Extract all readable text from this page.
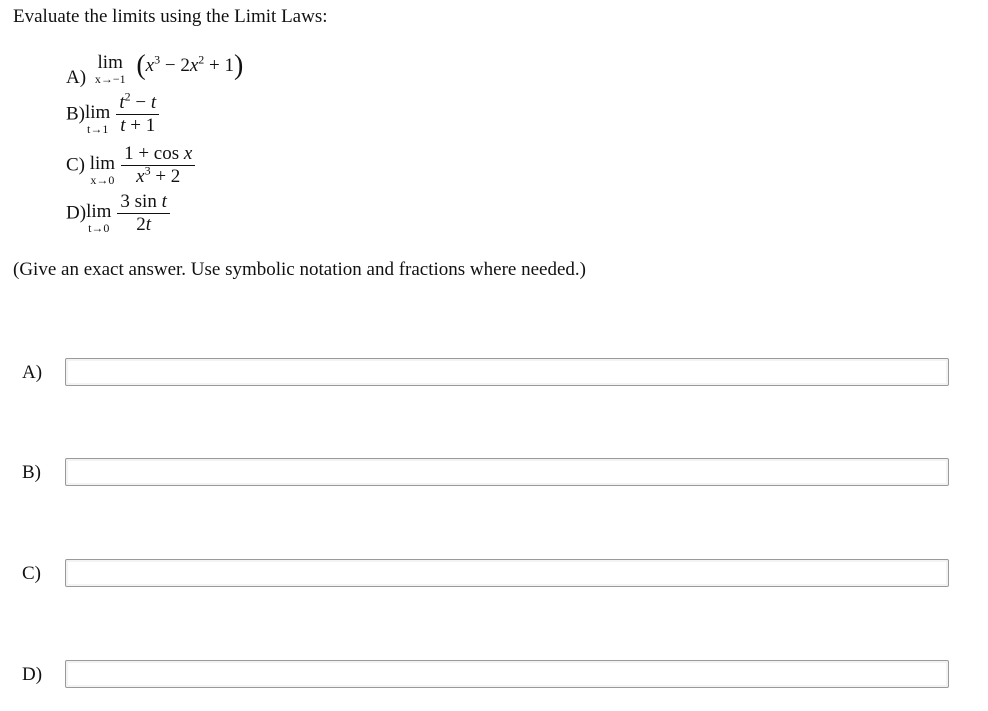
Evaluate the limits using the Limit Laws:
A)
lim
x→−1 $(x^3 - 2x^2 + 1)$
B) lim
$t\to 1 \frac{t^2 - t}{t + 1}$
C) lim
$x\to 0 \frac{\text{1 + cos x}}{x^3 + 2}$
D) lim
$t\to 0 \frac{\text{3 sin t}}{2t}$
(Give an exact answer. Use symbolic notation and fractions where needed.)
A)
B)
C)
D)
